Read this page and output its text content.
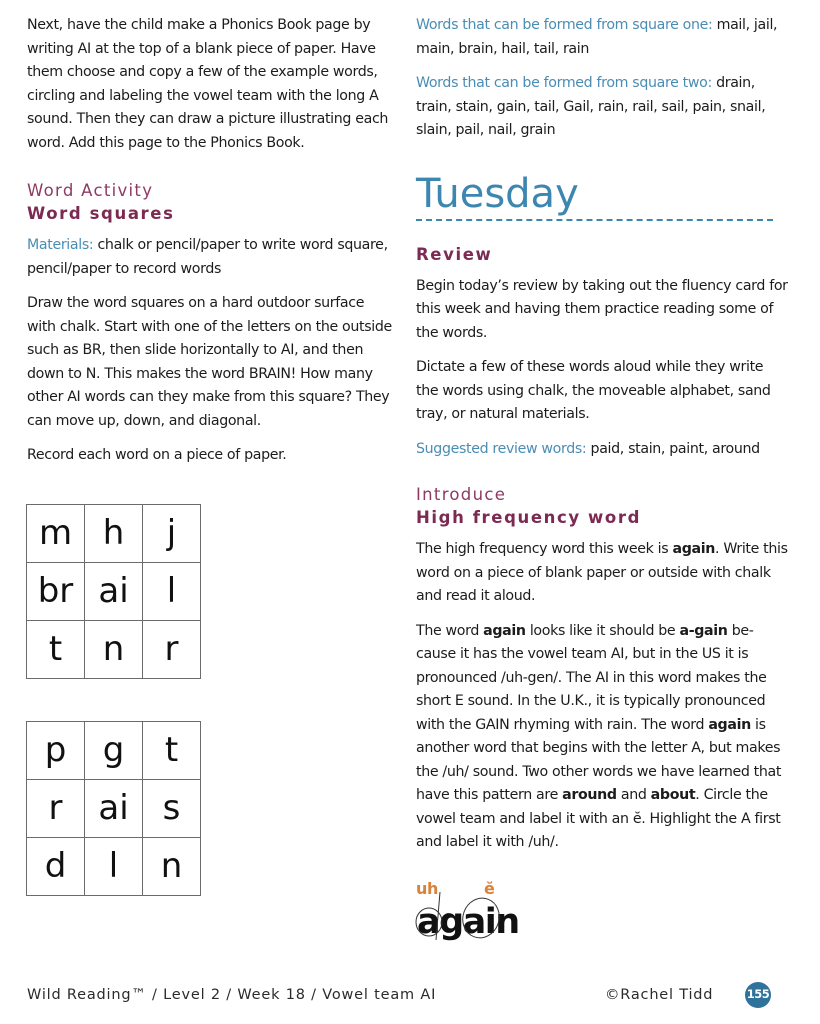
Next, have the child make a Phonics Book page by writing AI at the top of a blank piece of paper. Have them choose and copy a few of the example words, circling and labeling the vowel team with the long A sound. Then they can draw a picture illustrating each word. Add this page to the Phonics Book.

Word Activity
Word squares

Materials: chalk or pencil/paper to write word square, pencil/paper to record words

Draw the word squares on a hard outdoor surface with chalk. Start with one of the letters on the outside such as BR, then slide horizontally to AI, and then down to N. This makes the word BRAIN! How many other AI words can they make from this square? They can move up, down, and diagonal.

Record each word on a piece of paper.

m	h	j
br	ai	l
t	n	r
p	g	t
r	ai	s
d	l	n

Words that can be formed from square one: mail, jail, main, brain, hail, tail, rain

Words that can be formed from square two: drain, train, stain, gain, tail, Gail, rain, rail, sail, pain, snail, slain, pail, nail, grain

Tuesday
Review

Begin today’s review by taking out the fluency card for this week and having them practice reading some of the words.

Dictate a few of these words aloud while they write the words using chalk, the moveable alphabet, sand tray, or natural materials.

Suggested review words: paid, stain, paint, around

Introduce
High frequency word

The high frequency word this week is again. Write this word on a piece of blank paper or outside with chalk and read it aloud.

The word again looks like it should be a-gain be-cause it has the vowel team AI, but in the US it is pronounced /uh-gen/. The AI in this word makes the short E sound. In the U.K., it is typically pronounced with the GAIN rhyming with rain. The word again is another word that begins with the letter A, but makes the /uh/ sound. Two other words we have learned that have this pattern are around and about. Circle the vowel team and label it with an ĕ. Highlight the A first and label it with /uh/.

uh	ĕ
again
Wild Reading™ / Level 2 / Week 18 / Vowel team AI	©Rachel Tidd	155
